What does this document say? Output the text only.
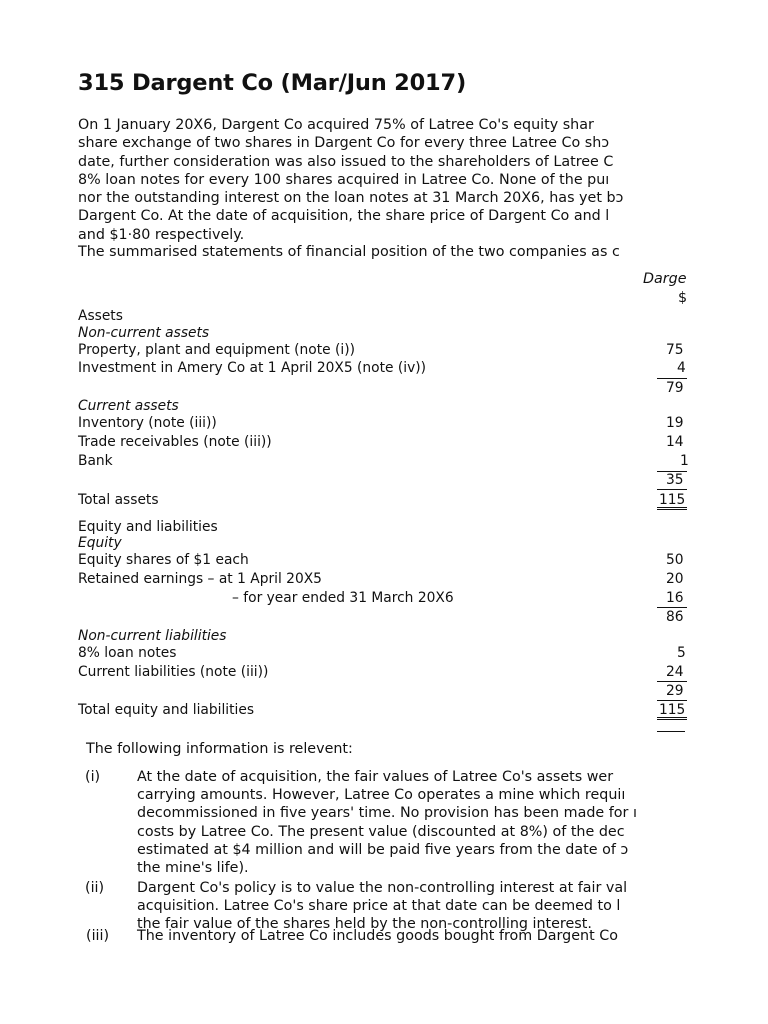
315 Dargent Co (Mar/Jun 2017)
On 1 January 20X6, Dargent Co acquired 75% of Latree Co's equity shar
share exchange of two shares in Dargent Co for every three Latree Co shɔ
date, further consideration was also issued to the shareholders of Latree C
8% loan notes for every 100 shares acquired in Latree Co. None of the puı
nor the outstanding interest on the loan notes at 31 March 20X6, has yet bɔ
Dargent Co. At the date of acquisition, the share price of Dargent Co and l
and $1·80 respectively.
The summarised statements of financial position of the two companies as c
Darge
$
Assets
Non-current assets
Property, plant and equipment (note (i))	75
Investment in Amery Co at 1 April 20X5 (note (iv))	4
79
Current assets
Inventory (note (iii))	19
Trade receivables (note (iii))	14
Bank	1
35
Total assets	115
Equity and liabilities
Equity
Equity shares of $1 each	50
Retained earnings – at 1 April 20X5	20
– for year ended 31 March 20X6	16
86
Non-current liabilities
8% loan notes	5
Current liabilities (note (iii))	24
29
Total equity and liabilities	115
The following information is relevent:
(i)	At the date of acquisition, the fair values of Latree Co's assets wer
carrying amounts. However, Latree Co operates a mine which requiı
decommissioned in five years' time. No provision has been made for ı
costs by Latree Co. The present value (discounted at 8%) of the dec
estimated at $4 million and will be paid five years from the date of ɔ
the mine's life).
(ii) Dargent Co's policy is to value the non-controlling interest at fair val
acquisition. Latree Co's share price at that date can be deemed to l
the fair value of the shares held by the non-controlling interest.
(iii) The inventory of Latree Co includes goods bought from Dargent Co
